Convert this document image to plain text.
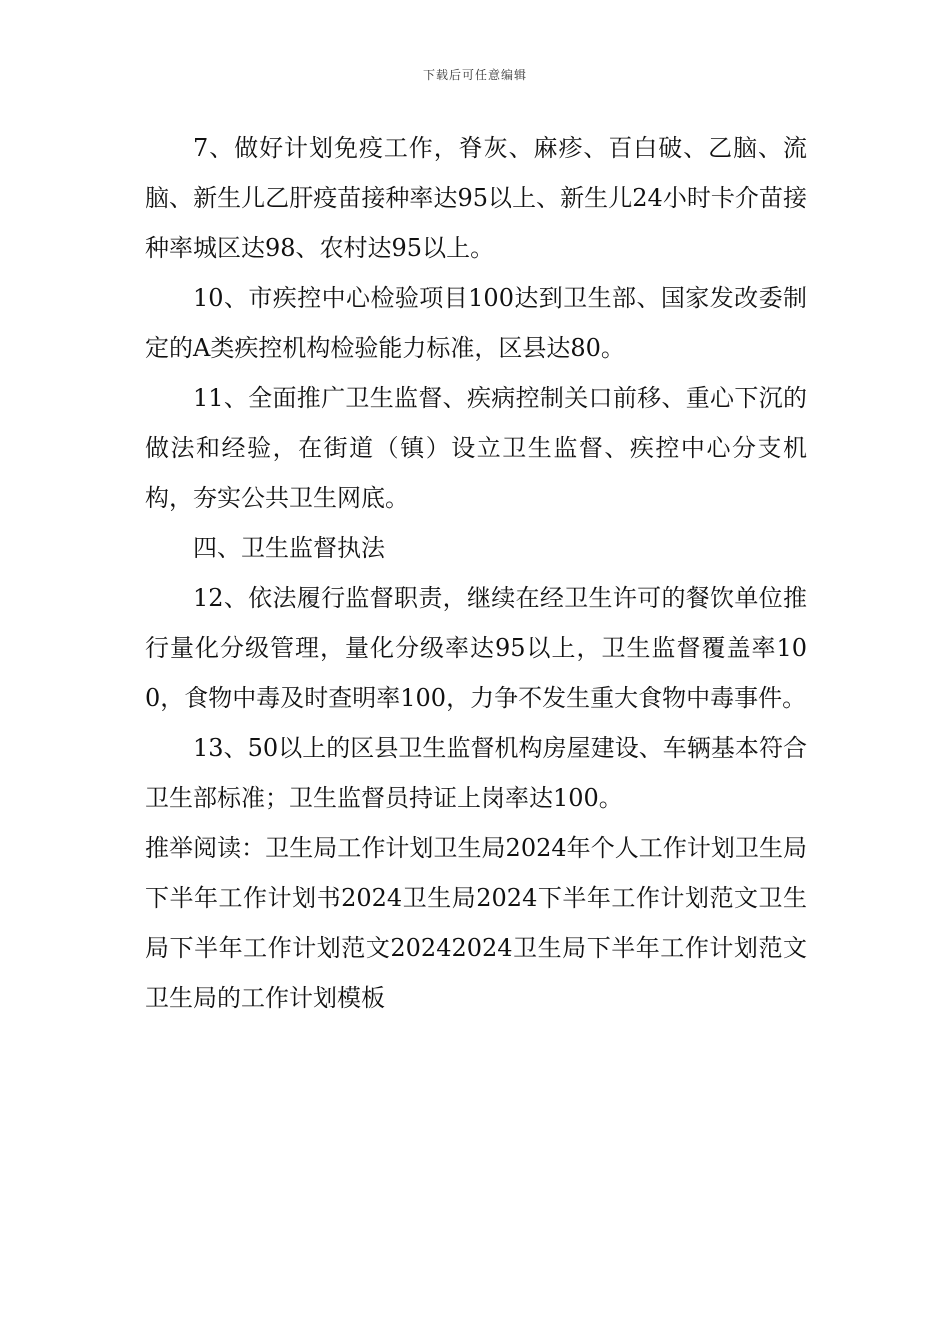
下载后可任意编辑

7、做好计划免疫工作，脊灰、麻疹、百白破、乙脑、流脑、新生儿乙肝疫苗接种率达95以上、新生儿24小时卡介苗接种率城区达98、农村达95以上。

10、市疾控中心检验项目100达到卫生部、国家发改委制定的A类疾控机构检验能力标准，区县达80。

11、全面推广卫生监督、疾病控制关口前移、重心下沉的做法和经验，在街道（镇）设立卫生监督、疾控中心分支机构，夯实公共卫生网底。

四、卫生监督执法

12、依法履行监督职责，继续在经卫生许可的餐饮单位推行量化分级管理，量化分级率达95以上，卫生监督覆盖率100，食物中毒及时查明率100，力争不发生重大食物中毒事件。

13、50以上的区县卫生监督机构房屋建设、车辆基本符合卫生部标准；卫生监督员持证上岗率达100。

推举阅读：卫生局工作计划卫生局2024年个人工作计划卫生局下半年工作计划书2024卫生局2024下半年工作计划范文卫生局下半年工作计划范文20242024卫生局下半年工作计划范文卫生局的工作计划模板
